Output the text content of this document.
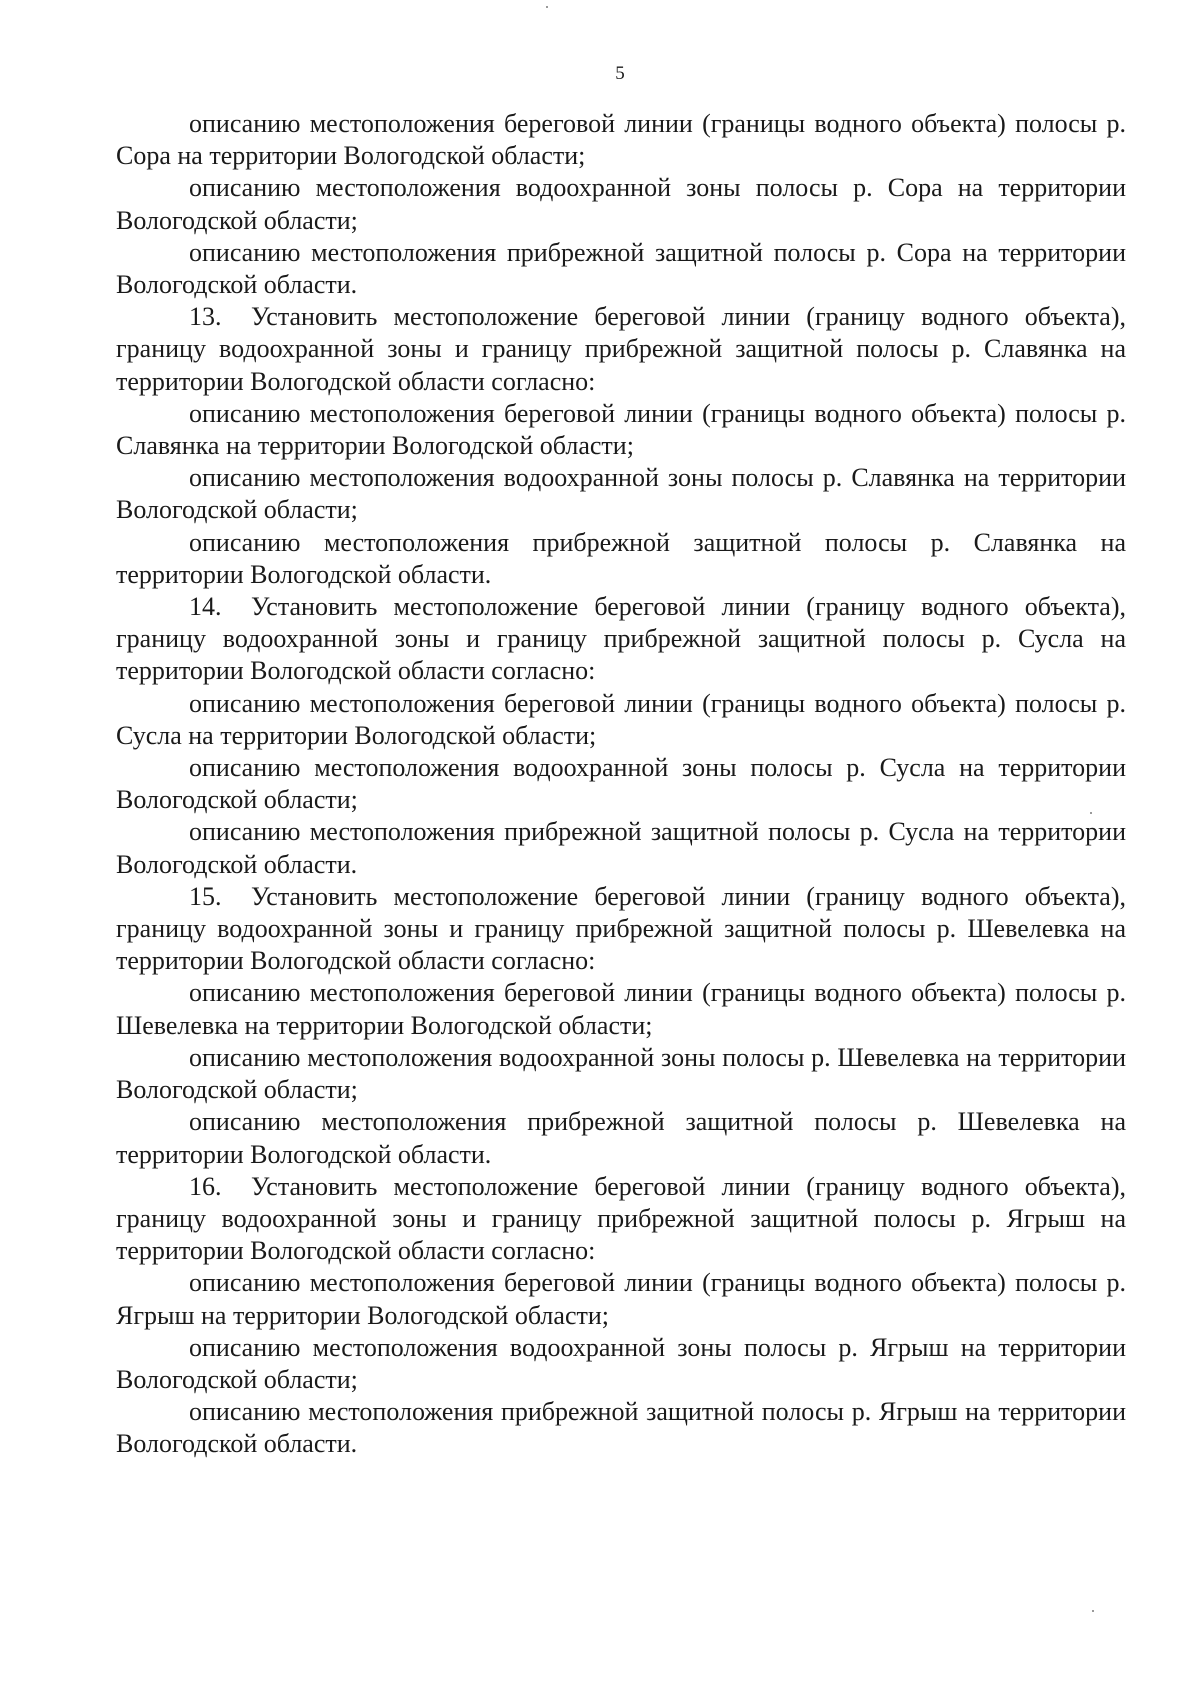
5

описанию местоположения береговой линии (границы водного объекта) полосы р. Сора на территории Вологодской области;

описанию местоположения водоохранной зоны полосы р. Сора на территории Вологодской области;

описанию местоположения прибрежной защитной полосы р. Сора на территории Вологодской области.

13. Установить местоположение береговой линии (границу водного объекта), границу водоохранной зоны и границу прибрежной защитной полосы р. Славянка на территории Вологодской области согласно:

описанию местоположения береговой линии (границы водного объекта) полосы р. Славянка на территории Вологодской области;

описанию местоположения водоохранной зоны полосы р. Славянка на территории Вологодской области;

описанию местоположения прибрежной защитной полосы р. Славянка на территории Вологодской области.

14. Установить местоположение береговой линии (границу водного объекта), границу водоохранной зоны и границу прибрежной защитной полосы р. Сусла на территории Вологодской области согласно:

описанию местоположения береговой линии (границы водного объекта) полосы р. Сусла на территории Вологодской области;

описанию местоположения водоохранной зоны полосы р. Сусла на территории Вологодской области;

описанию местоположения прибрежной защитной полосы р. Сусла на территории Вологодской области.

15. Установить местоположение береговой линии (границу водного объекта), границу водоохранной зоны и границу прибрежной защитной полосы р. Шевелевка на территории Вологодской области согласно:

описанию местоположения береговой линии (границы водного объекта) полосы р. Шевелевка на территории Вологодской области;

описанию местоположения водоохранной зоны полосы р. Шевелевка на территории Вологодской области;

описанию местоположения прибрежной защитной полосы р. Шевелевка на территории Вологодской области.

16. Установить местоположение береговой линии (границу водного объекта), границу водоохранной зоны и границу прибрежной защитной полосы р. Ягрыш на территории Вологодской области согласно:

описанию местоположения береговой линии (границы водного объекта) полосы р. Ягрыш на территории Вологодской области;

описанию местоположения водоохранной зоны полосы р. Ягрыш на территории Вологодской области;

описанию местоположения прибрежной защитной полосы р. Ягрыш на территории Вологодской области.
